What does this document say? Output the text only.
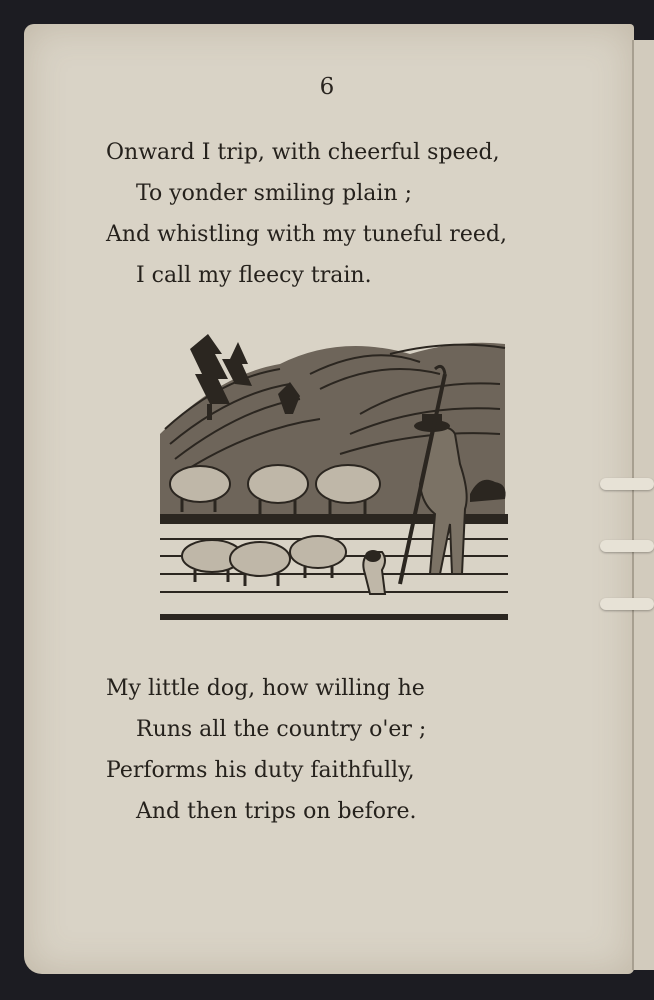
6
Onward I trip, with cheerful speed,
To yonder smiling plain ;
And whistling with my tuneful reed,
I call my fleecy train.
My little dog, how willing he
Runs all the country o'er ;
Performs his duty faithfully,
And then trips on before.
